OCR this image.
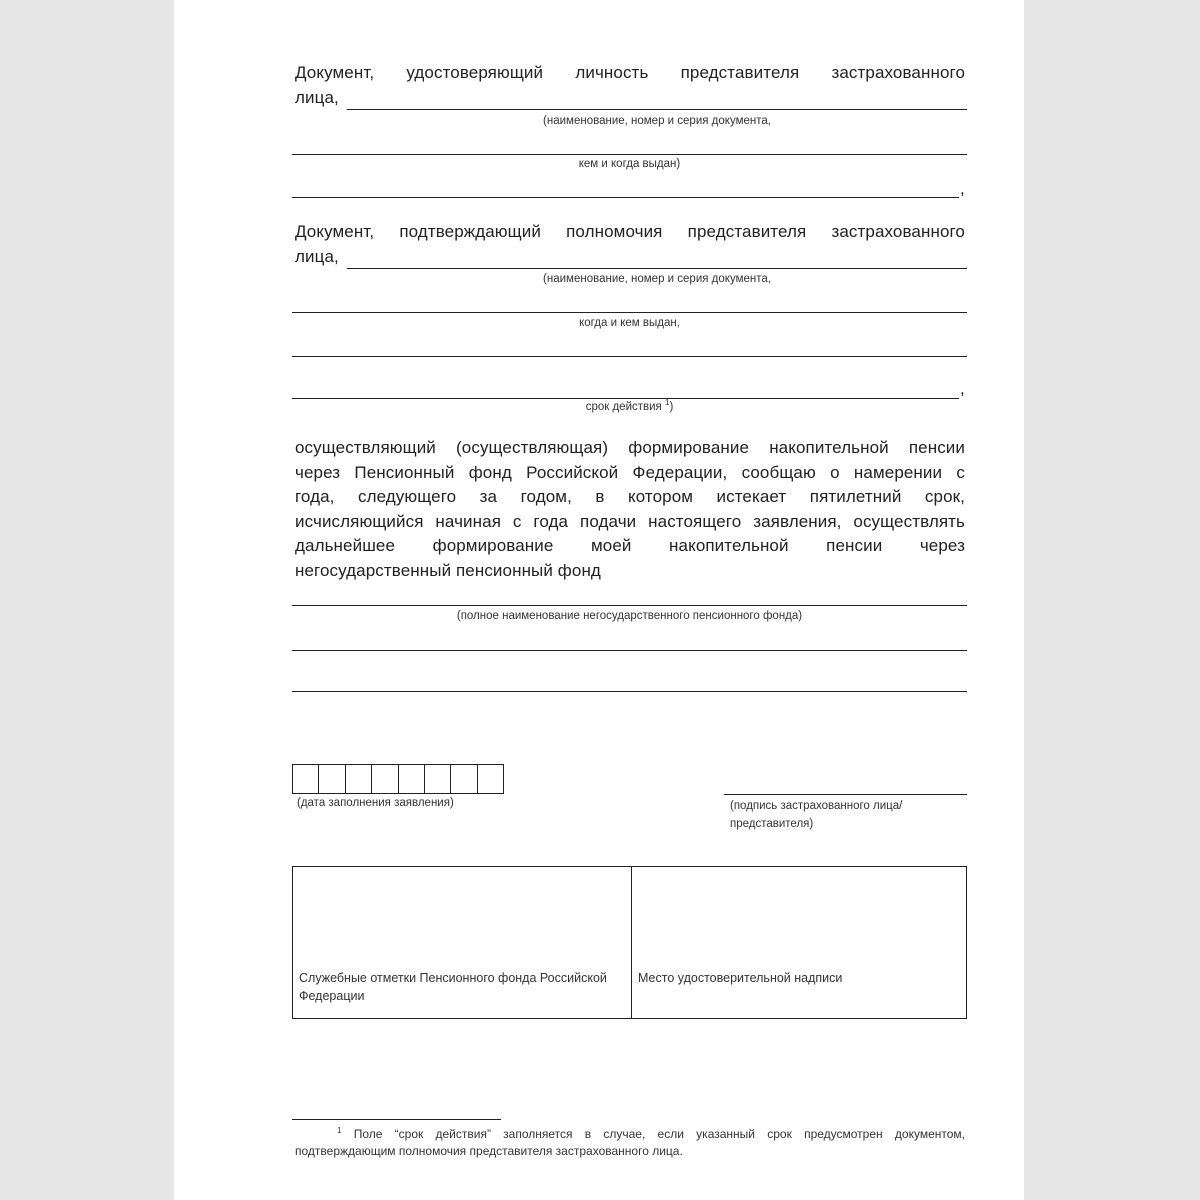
Документ, удостоверяющий личность представителя застрахованного
лица,
(наименование, номер и серия документа,
кем и когда выдан)
,
Документ, подтверждающий полномочия представителя застрахованного
лица,
(наименование, номер и серия документа,
когда и кем выдан,
,
срок действия $^1$)
осуществляющий (осуществляющая) формирование накопительной пенсии
через Пенсионный фонд Российской Федерации, сообщаю о намерении с
года, следующего за годом, в котором истекает пятилетний срок,
исчисляющийся начиная с года подачи настоящего заявления, осуществлять
дальнейшее формирование моей накопительной пенсии через
негосударственный пенсионный фонд
(полное наименование негосударственного пенсионного фонда)
(дата заполнения заявления)	(подпись застрахованного лица/
представителя)
Служебные отметки Пенсионного фонда Российской Федерации
Место удостоверительной надписи
$^1$ Поле “срок действия” заполняется в случае, если указанный срок предусмотрен документом,
подтверждающим полномочия представителя застрахованного лица.
